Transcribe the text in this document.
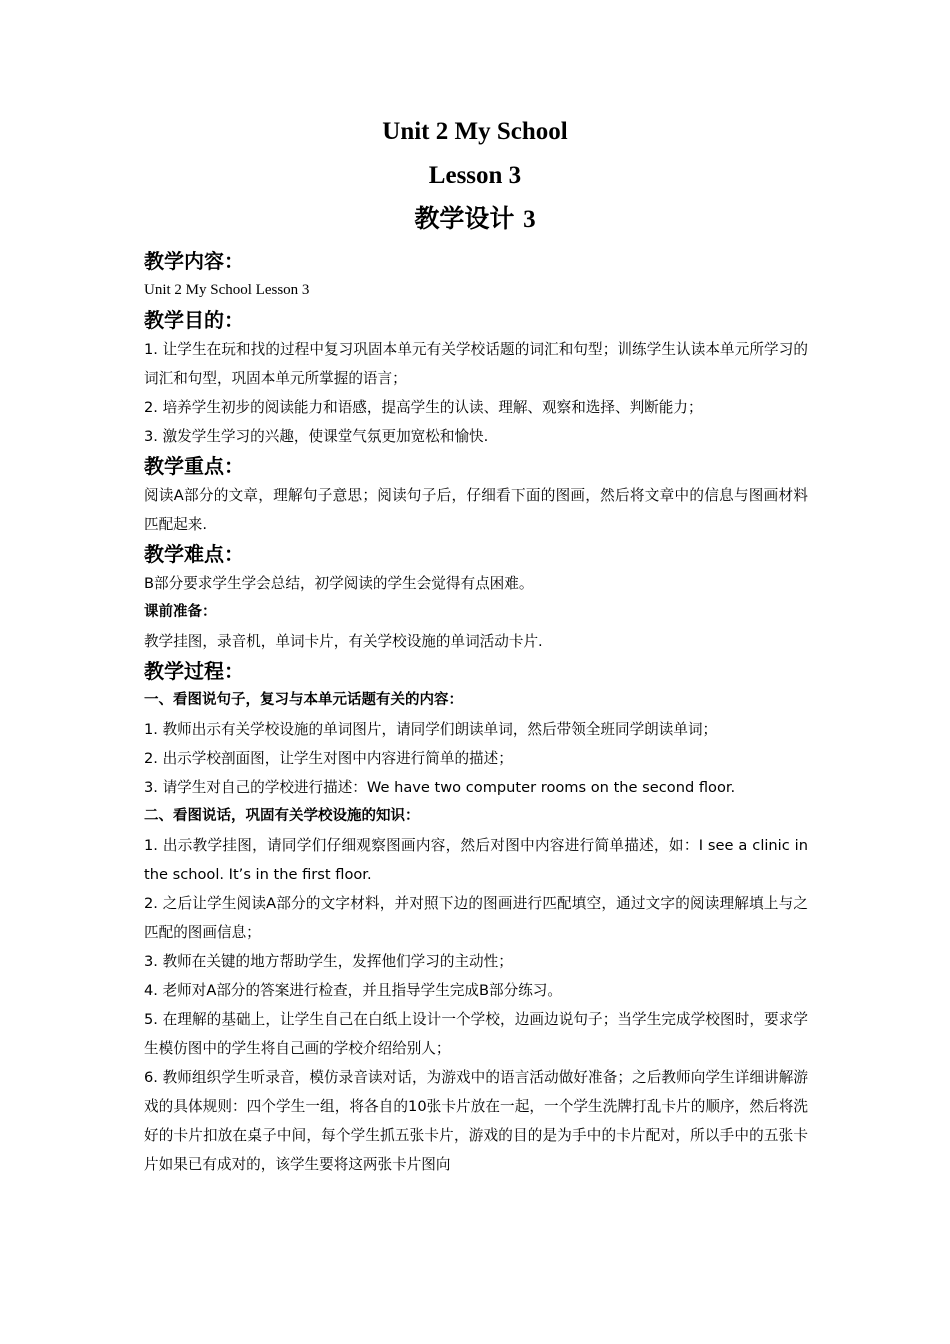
Unit 2 My School
Lesson 3
教学设计 3

教学内容：

Unit 2 My School Lesson 3

教学目的：

1. 让学生在玩和找的过程中复习巩固本单元有关学校话题的词汇和句型；训练学生认读本单元所学习的词汇和句型，巩固本单元所掌握的语言；

2. 培养学生初步的阅读能力和语感，提高学生的认读、理解、观察和选择、判断能力；

3. 激发学生学习的兴趣，使课堂气氛更加宽松和愉快.

教学重点：

阅读A部分的文章，理解句子意思；阅读句子后，仔细看下面的图画，然后将文章中的信息与图画材料匹配起来.

教学难点：

B部分要求学生学会总结，初学阅读的学生会觉得有点困难。

课前准备：

教学挂图，录音机，单词卡片，有关学校设施的单词活动卡片.

教学过程：

一、看图说句子，复习与本单元话题有关的内容：

1. 教师出示有关学校设施的单词图片，请同学们朗读单词，然后带领全班同学朗读单词；

2. 出示学校剖面图，让学生对图中内容进行简单的描述；

3. 请学生对自己的学校进行描述：We have two computer rooms on the second floor.

二、看图说话，巩固有关学校设施的知识：

1. 出示教学挂图，请同学们仔细观察图画内容，然后对图中内容进行简单描述，如：I see a clinic in the school. It’s in the first floor.

2. 之后让学生阅读A部分的文字材料，并对照下边的图画进行匹配填空，通过文字的阅读理解填上与之匹配的图画信息；

3. 教师在关键的地方帮助学生，发挥他们学习的主动性；

4. 老师对A部分的答案进行检查，并且指导学生完成B部分练习。

5. 在理解的基础上，让学生自己在白纸上设计一个学校，边画边说句子；当学生完成学校图时，要求学生模仿图中的学生将自己画的学校介绍给别人；

6. 教师组织学生听录音，模仿录音读对话，为游戏中的语言活动做好准备；之后教师向学生详细讲解游戏的具体规则：四个学生一组，将各自的10张卡片放在一起，一个学生洗牌打乱卡片的顺序，然后将洗好的卡片扣放在桌子中间，每个学生抓五张卡片，游戏的目的是为手中的卡片配对，所以手中的五张卡片如果已有成对的，该学生要将这两张卡片图向
